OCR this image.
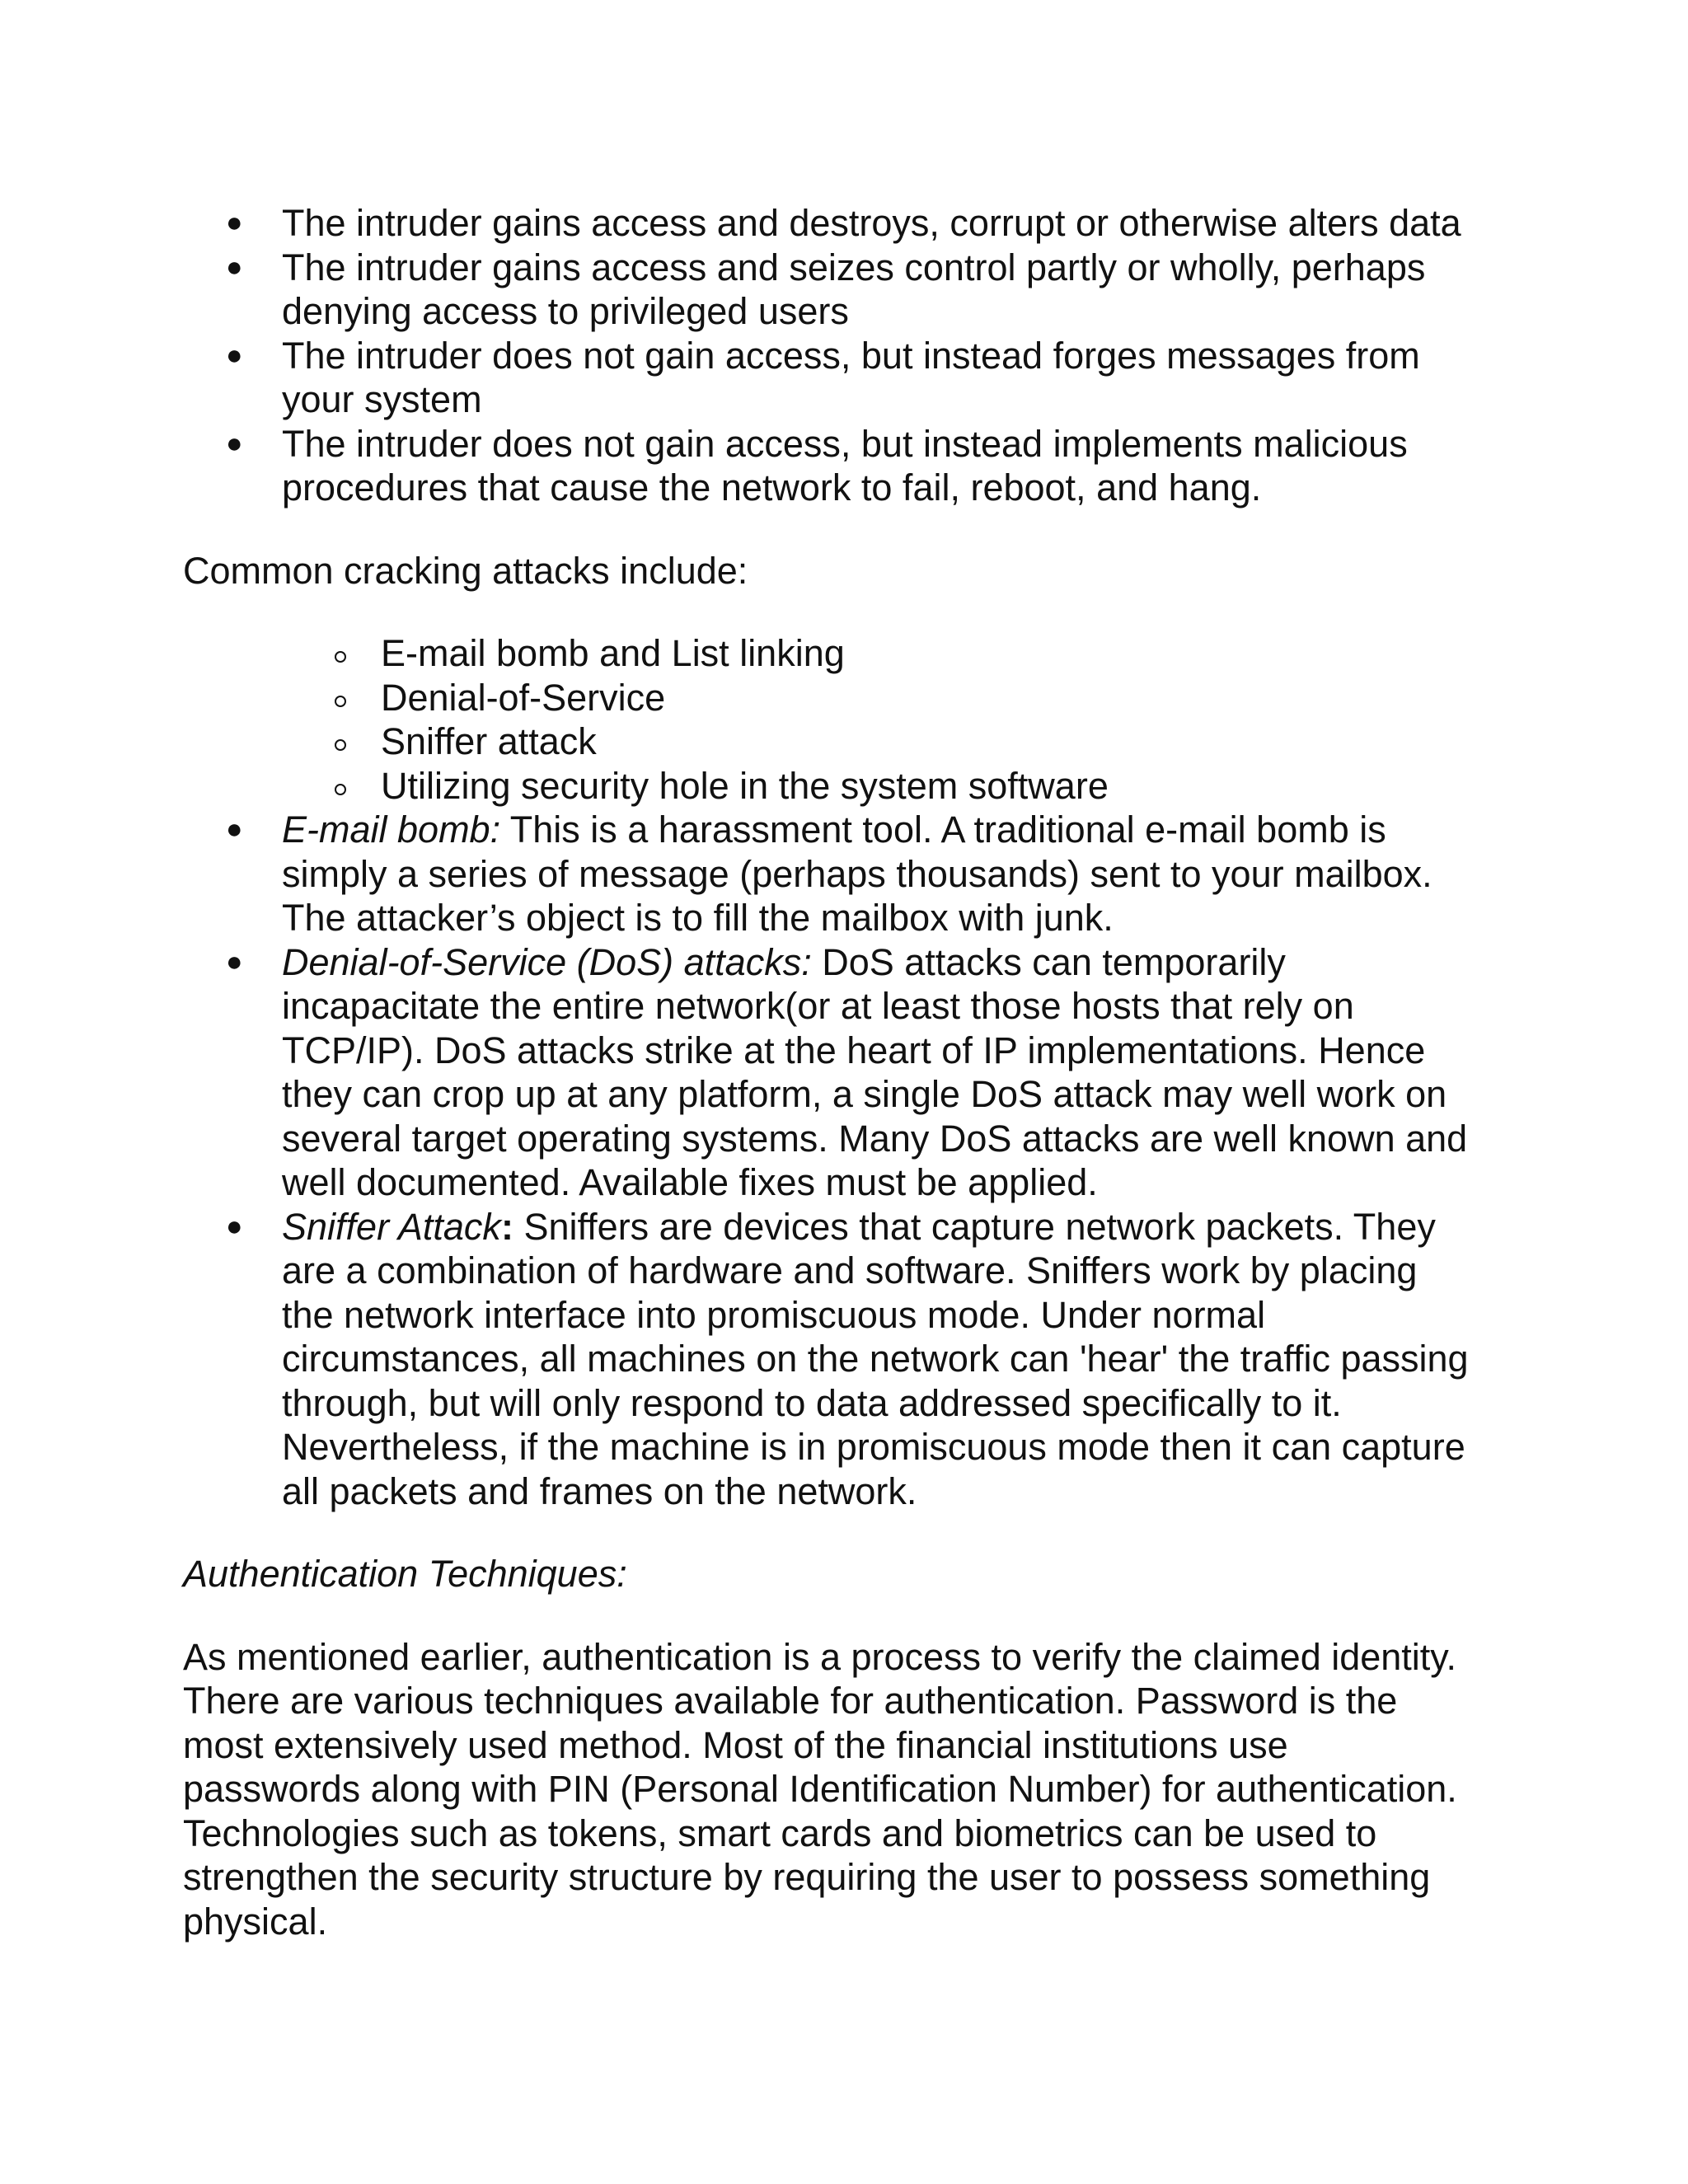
● The intruder gains access and destroys, corrupt or otherwise alters data
● The intruder gains access and seizes control partly or wholly, perhaps denying access to privileged users
● The intruder does not gain access, but instead forges messages from your system
● The intruder does not gain access, but instead implements malicious procedures that cause the network to fail, reboot, and hang.

Common cracking attacks include:

E-mail bomb and List linking
Denial-of-Service
Sniffer attack
Utilizing security hole in the system software
● E-mail bomb: This is a harassment tool. A traditional e-mail bomb is simply a series of message (perhaps thousands) sent to your mailbox. The attacker’s object is to fill the mailbox with junk.
● Denial-of-Service (DoS) attacks: DoS attacks can temporarily incapacitate the entire network(or at least those hosts that rely on TCP/IP). DoS attacks strike at the heart of IP implementations. Hence they can crop up at any platform, a single DoS attack may well work on several target operating systems. Many DoS attacks are well known and well documented. Available fixes must be applied.
● Sniffer Attack: Sniffers are devices that capture network packets. They are a combination of hardware and software. Sniffers work by placing the network interface into promiscuous mode. Under normal circumstances, all machines on the network can 'hear' the traffic passing through, but will only respond to data addressed specifically to it. Nevertheless, if the machine is in promiscuous mode then it can capture all packets and frames on the network.

Authentication Techniques:

As mentioned earlier, authentication is a process to verify the claimed identity. There are various techniques available for authentication. Password is the most extensively used method. Most of the financial institutions use passwords along with PIN (Personal Identification Number) for authentication. Technologies such as tokens, smart cards and biometrics can be used to strengthen the security structure by requiring the user to possess something physical.
